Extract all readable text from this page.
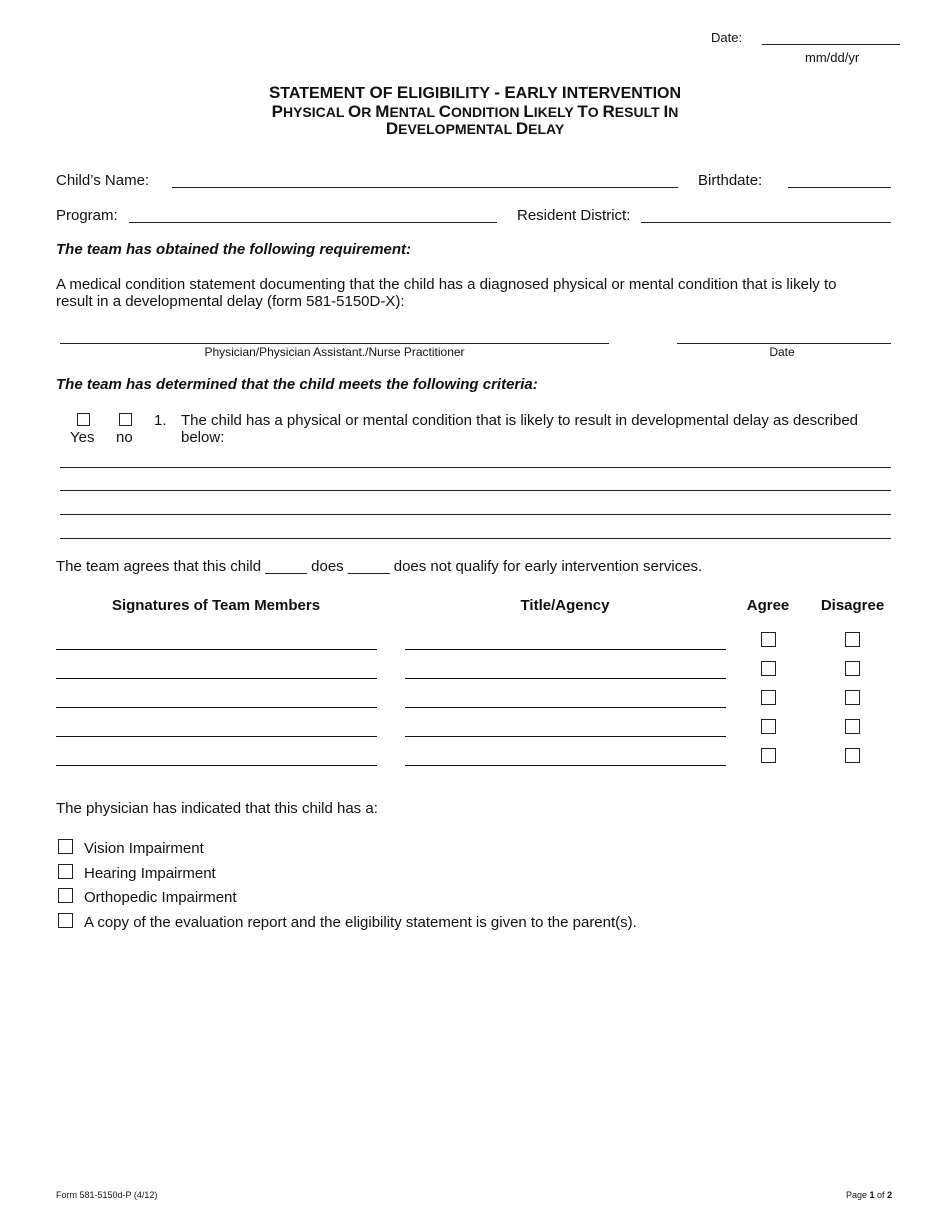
Date:
mm/dd/yr
STATEMENT OF ELIGIBILITY - EARLY INTERVENTION
PHYSICAL OR MENTAL CONDITION LIKELY TO RESULT IN
DEVELOPMENTAL DELAY
Child’s Name:	Birthdate:
Program:	Resident District:
The team has obtained the following requirement:
A medical condition statement documenting that the child has a diagnosed physical or mental condition that is likely to
result in a developmental delay (form 581-5150D-X):
Physician/Physician Assistant./Nurse Practitioner	Date
The team has determined that the child meets the following criteria:
Yes no
1. The child has a physical or mental condition that is likely to result in developmental delay as described
below:
The team agrees that this child _____ does _____ does not qualify for early intervention services.
Signatures of Team Members	Title/Agency	Agree	Disagree
The physician has indicated that this child has a:
Vision Impairment
Hearing Impairment
Orthopedic Impairment
A copy of the evaluation report and the eligibility statement is given to the parent(s).
Form 581-5150d-P (4/12)	Page 1 of 2
